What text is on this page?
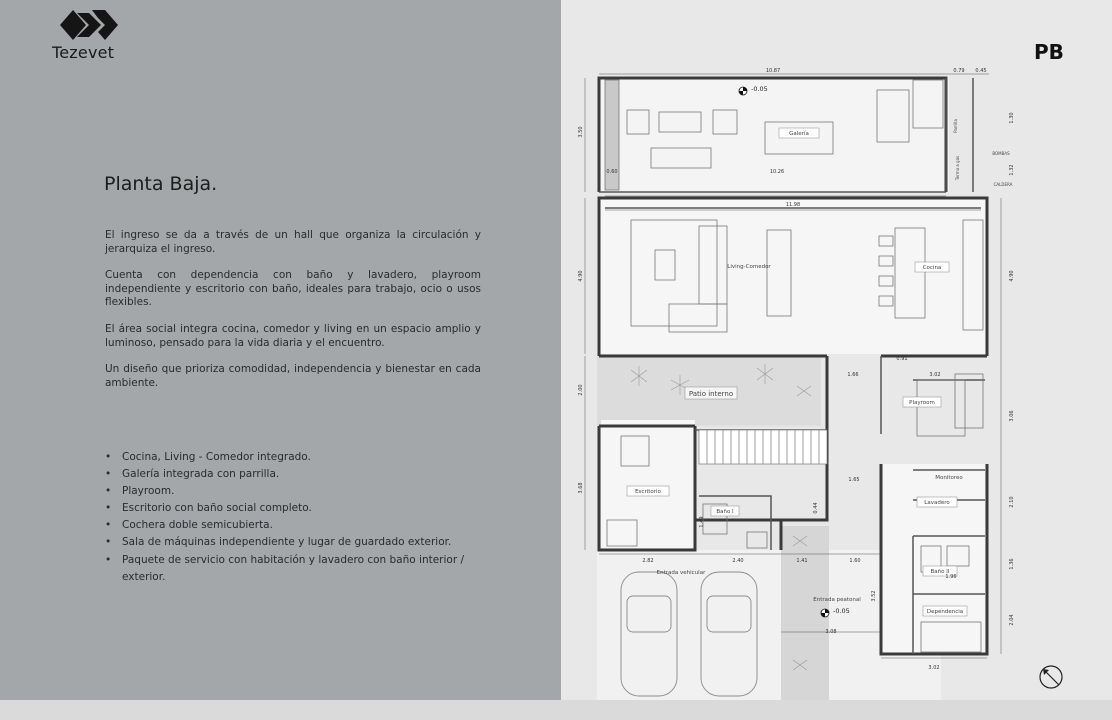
Tezevet
Planta Baja.

El ingreso se da a través de un hall que organiza la circulación y jerarquiza el ingreso.

Cuenta con dependencia con baño y lavadero, playroom independiente y escritorio con baño, ideales para trabajo, ocio o usos flexibles.

El área social integra cocina, comedor y living en un espacio amplio y luminoso, pensado para la vida diaria y el encuentro.

Un diseño que prioriza comodidad, independencia y bienestar en cada ambiente.

• Cocina, Living - Comedor integrado.
• Galería integrada con parrilla.
• Playroom.
• Escritorio con baño social completo.
• Cochera doble semicubierta.
• Sala de máquinas independiente y lugar de guardado exterior.
• Paquete de servicio con habitación y lavadero con baño interior / exterior.
PB
-0.05
-0.05
Galería
Living-Comedor	Cocina
Patio interno
Playroom
Escritorio
Baño I
Monitoreo
Lavadero
Baño II
Dependencia
Entrada vehicular
Entrada peatonal
Parrilla
Termo a gas
CALDERA
BOMBAS
10.87	0.79 0.45
3.50
1.30
0.60	10.26	1.32
11.98
4.90	4.90
0.91
3.02
1.66
2.00
3.06
1.65
3.68
2.10
1.49
0.44
2.82	2.40	1.41	1.60	1.36
1.96
3.52
2.04
3.08
3.02
